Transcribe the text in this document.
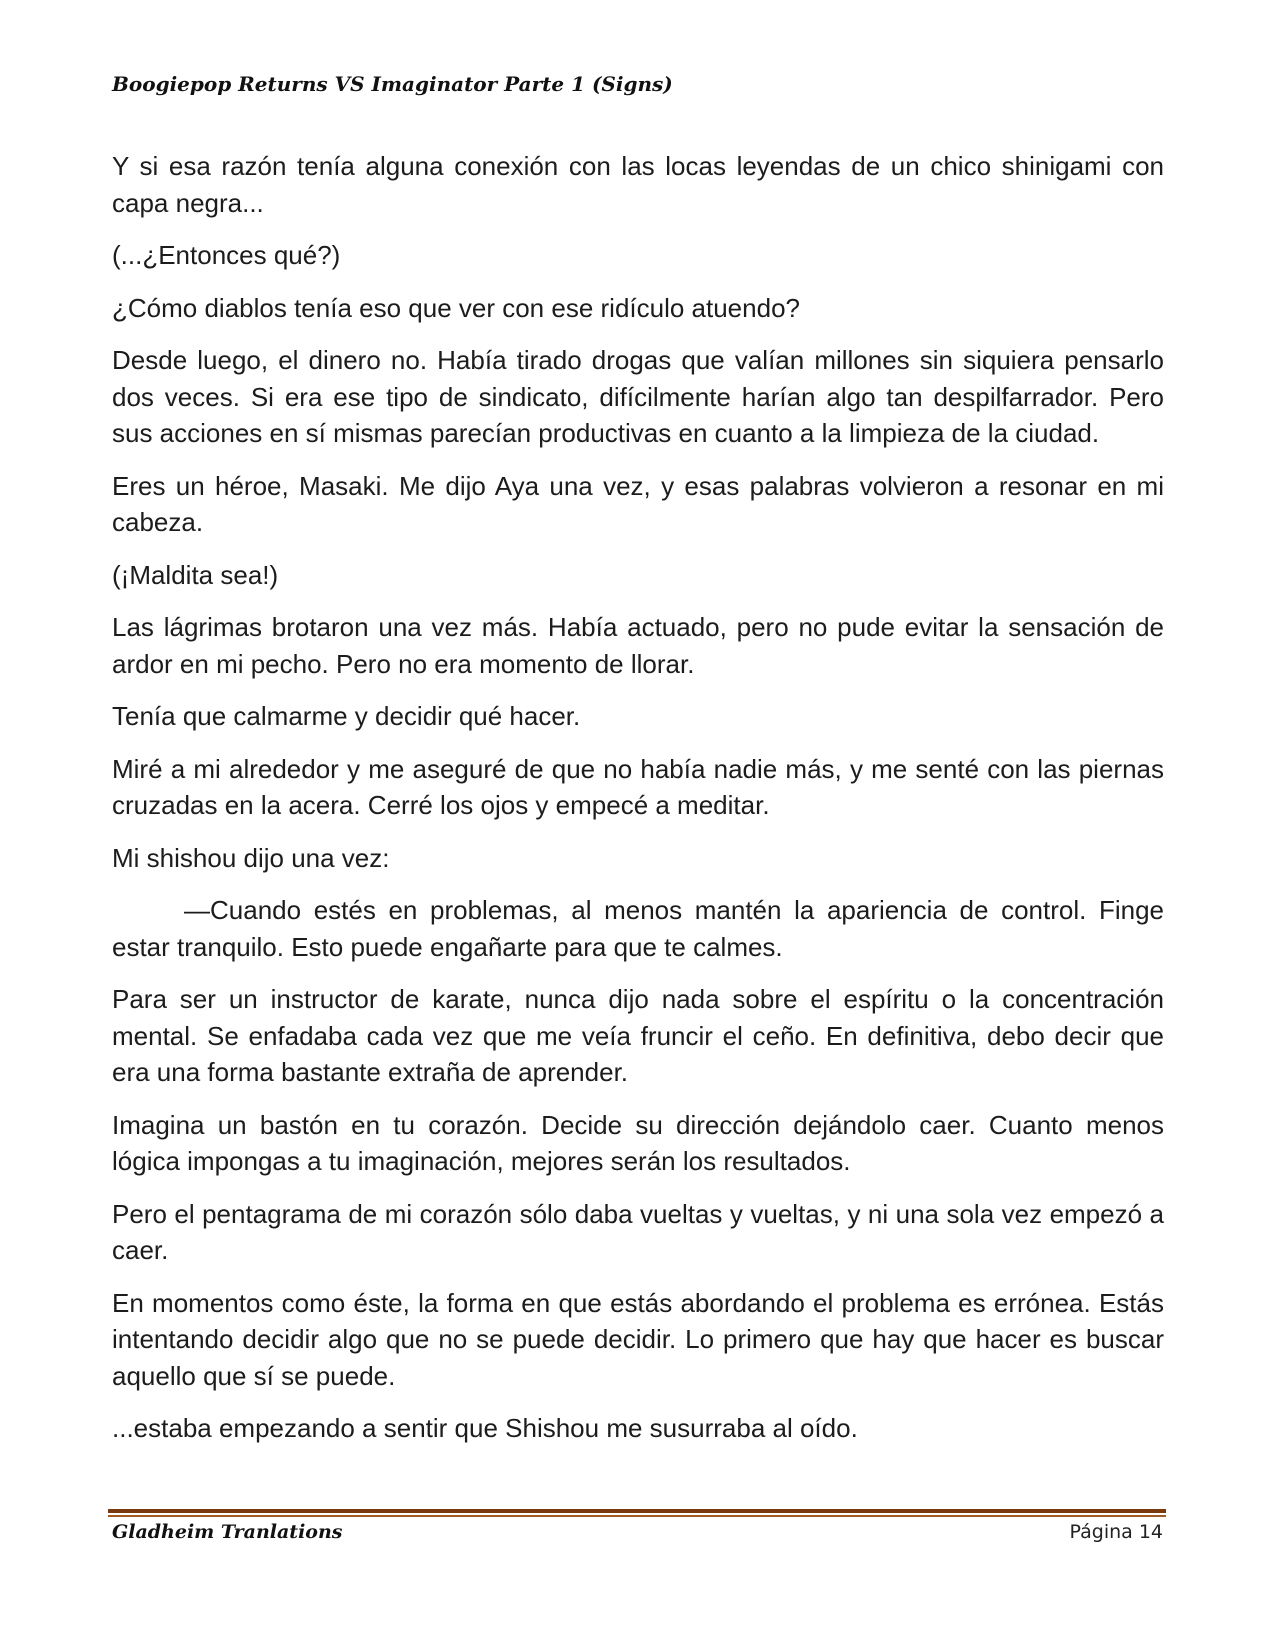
Boogiepop Returns VS Imaginator Parte 1 (Signs)

Y si esa razón tenía alguna conexión con las locas leyendas de un chico shinigami con capa negra...

(...¿Entonces qué?)

¿Cómo diablos tenía eso que ver con ese ridículo atuendo?

Desde luego, el dinero no. Había tirado drogas que valían millones sin siquiera pensarlo dos veces. Si era ese tipo de sindicato, difícilmente harían algo tan despilfarrador. Pero sus acciones en sí mismas parecían productivas en cuanto a la limpieza de la ciudad.

Eres un héroe, Masaki. Me dijo Aya una vez, y esas palabras volvieron a resonar en mi cabeza.

(¡Maldita sea!)

Las lágrimas brotaron una vez más. Había actuado, pero no pude evitar la sensación de ardor en mi pecho. Pero no era momento de llorar.

Tenía que calmarme y decidir qué hacer.

Miré a mi alrededor y me aseguré de que no había nadie más, y me senté con las piernas cruzadas en la acera. Cerré los ojos y empecé a meditar.

Mi shishou dijo una vez:

—Cuando estés en problemas, al menos mantén la apariencia de control. Finge estar tranquilo. Esto puede engañarte para que te calmes.

Para ser un instructor de karate, nunca dijo nada sobre el espíritu o la concentración mental. Se enfadaba cada vez que me veía fruncir el ceño. En definitiva, debo decir que era una forma bastante extraña de aprender.

Imagina un bastón en tu corazón. Decide su dirección dejándolo caer. Cuanto menos lógica impongas a tu imaginación, mejores serán los resultados.

Pero el pentagrama de mi corazón sólo daba vueltas y vueltas, y ni una sola vez empezó a caer.

En momentos como éste, la forma en que estás abordando el problema es errónea. Estás intentando decidir algo que no se puede decidir. Lo primero que hay que hacer es buscar aquello que sí se puede.

...estaba empezando a sentir que Shishou me susurraba al oído.

Gladheim Tranlations	Página 14
